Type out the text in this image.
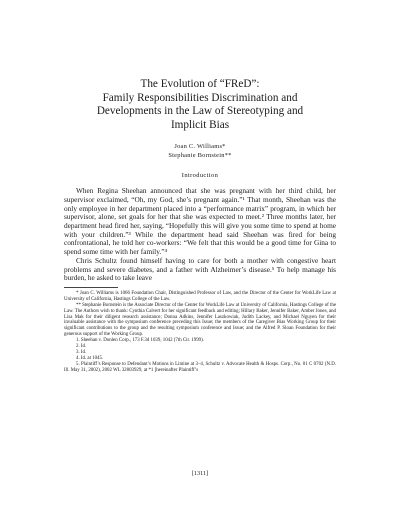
The Evolution of “FReD”:
Family Responsibilities Discrimination and
Developments in the Law of Stereotyping and
Implicit Bias
Joan C. Williams*
Stephanie Bornstein**
Introduction

When Regina Sheehan announced that she was pregnant with her third child, her supervisor exclaimed, “Oh, my God, she’s pregnant again.”¹ That month, Sheehan was the only employee in her department placed into a “performance matrix” program, in which her supervisor, alone, set goals for her that she was expected to meet.² Three months later, her department head fired her, saying, “Hopefully this will give you some time to spend at home with your children.”³ While the department head said Sheehan was fired for being confrontational, he told her co-workers: “We felt that this would be a good time for Gina to spend some time with her family.”⁴

Chris Schultz found himself having to care for both a mother with congestive heart problems and severe diabetes, and a father with Alzheimer’s disease.⁵ To help manage his burden, he asked to take leave

* Joan C. Williams is 1066 Foundation Chair, Distinguished Professor of Law, and the Director of the Center for WorkLife Law at University of California, Hastings College of the Law.

** Stephanie Bornstein is the Associate Director of the Center for WorkLife Law at University of California, Hastings College of the Law. The Authors wish to thank: Cynthia Calvert for her significant feedback and editing; Hillary Baker, Jennifer Baker, Amber Jones, and Lisa Mak for their diligent research assistance; Donna Adkins, Jennifer Laszkowiak, Judith Lackey, and Michael Nguyen for their invaluable assistance with the symposium conference preceding this Issue; the members of the Caregiver Bias Working Group for their significant contributions to the group and the resulting symposium conference and Issue; and the Alfred P. Sloan Foundation for their generous support of the Working Group.

1. Sheehan v. Donlen Corp., 173 F.3d 1039, 1042 (7th Cir. 1999).

2. Id.

3. Id.

4. Id. at 1045.

5. Plaintiff’s Response to Defendant’s Motions in Limine at 3–4, Schultz v. Advocate Health & Hosps. Corp., No. 01 C 0702 (N.D. Ill. May 31, 2002), 2002 WL 32803929, at *1 [hereinafter Plaintiff’s

[1311]
